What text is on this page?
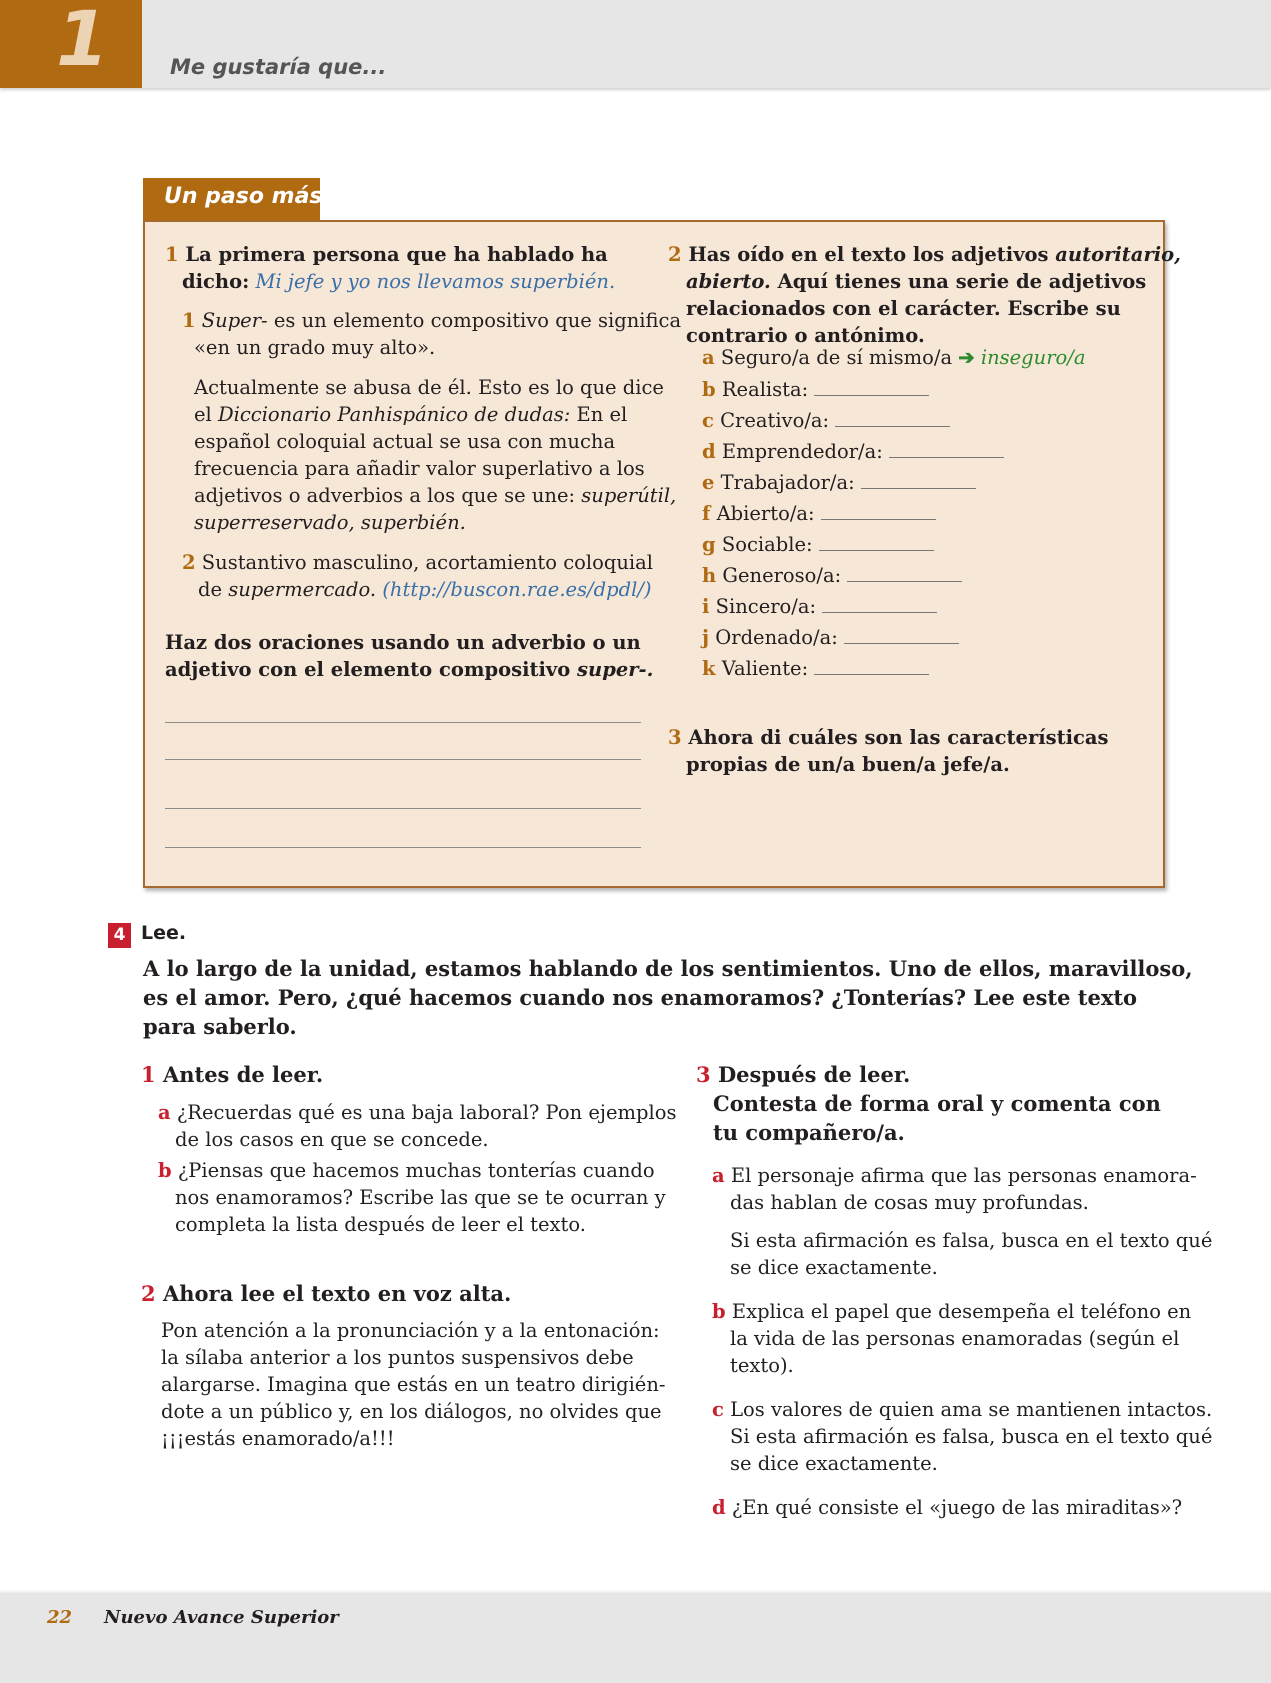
1	Me gustaría que...
Un paso más
1 La primera persona que ha hablado ha
dicho: Mi jefe y yo nos llevamos superbién.
1 Super- es un elemento compositivo que significa
«en un grado muy alto».
Actualmente se abusa de él. Esto es lo que dice
el Diccionario Panhispánico de dudas: En el
español coloquial actual se usa con mucha
frecuencia para añadir valor superlativo a los
adjetivos o adverbios a los que se une: superútil,
superreservado, superbién.
2 Sustantivo masculino, acortamiento coloquial
de supermercado. (http://buscon.rae.es/dpdl/)
Haz dos oraciones usando un adverbio o un
adjetivo con el elemento compositivo super-.
2 Has oído en el texto los adjetivos autoritario,
abierto. Aquí tienes una serie de adjetivos
relacionados con el carácter. Escribe su
contrario o antónimo.
a Seguro/a de sí mismo/a ➔ inseguro/a
b Realista:
c Creativo/a:
d Emprendedor/a:
e Trabajador/a:
f Abierto/a:
g Sociable:
h Generoso/a:
i Sincero/a:
j Ordenado/a:
k Valiente:
3 Ahora di cuáles son las características
propias de un/a buen/a jefe/a.
4 Lee.
A lo largo de la unidad, estamos hablando de los sentimientos. Uno de ellos, maravilloso,
es el amor. Pero, ¿qué hacemos cuando nos enamoramos? ¿Tonterías? Lee este texto
para saberlo.
1 Antes de leer.
a ¿Recuerdas qué es una baja laboral? Pon ejemplos
de los casos en que se concede.
b ¿Piensas que hacemos muchas tonterías cuando
nos enamoramos? Escribe las que se te ocurran y
completa la lista después de leer el texto.
2 Ahora lee el texto en voz alta.
Pon atención a la pronunciación y a la entonación:
la sílaba anterior a los puntos suspensivos debe
alargarse. Imagina que estás en un teatro dirigién-
dote a un público y, en los diálogos, no olvides que
¡¡¡estás enamorado/a!!!
3 Después de leer.
Contesta de forma oral y comenta con
tu compañero/a.
a El personaje afirma que las personas enamora-
das hablan de cosas muy profundas.
Si esta afirmación es falsa, busca en el texto qué
se dice exactamente.
b Explica el papel que desempeña el teléfono en
la vida de las personas enamoradas (según el
texto).
c Los valores de quien ama se mantienen intactos.
Si esta afirmación es falsa, busca en el texto qué
se dice exactamente.
d ¿En qué consiste el «juego de las miraditas»?
22 Nuevo Avance Superior
